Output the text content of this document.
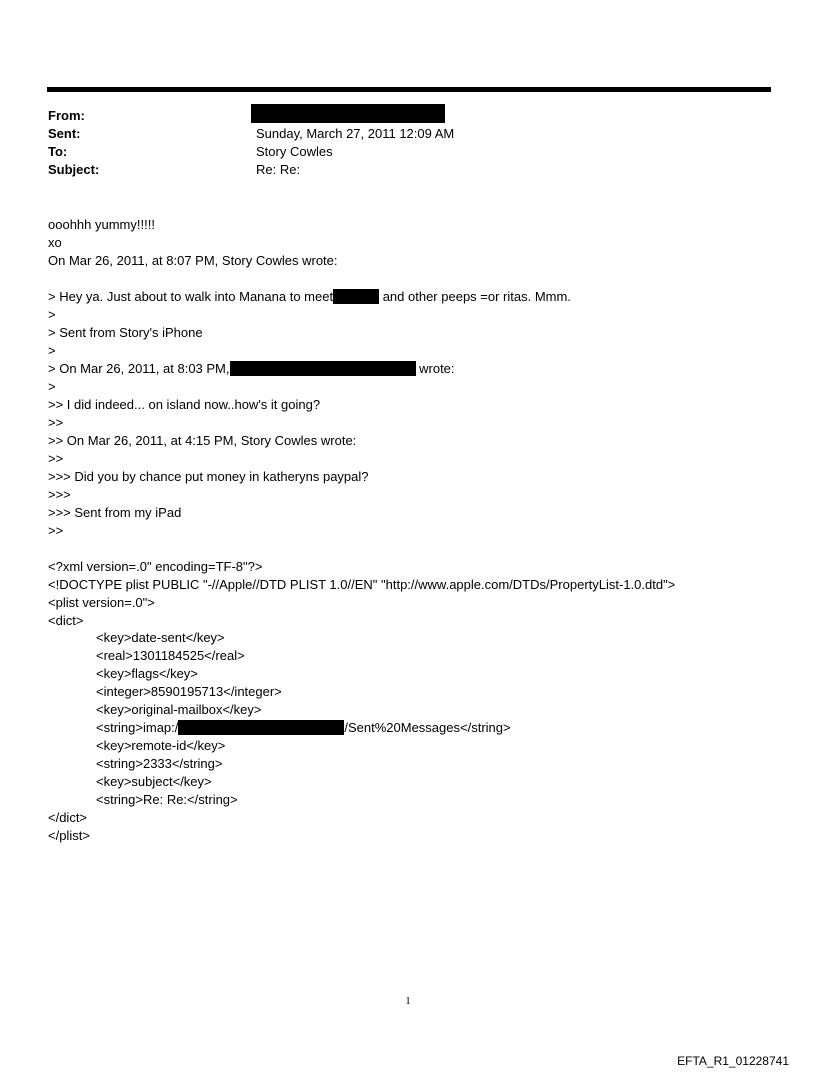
From:
Sent:	Sunday, March 27, 2011 12:09 AM
To:	Story Cowles
Subject:	Re: Re:
ooohhh yummy!!!!!
xo
On Mar 26, 2011, at 8:07 PM, Story Cowles wrote:
> Hey ya. Just about to walk into Manana to meet	and other peeps =or ritas. Mmm.
>
> Sent from Story's iPhone
>
> On Mar 26, 2011, at 8:03 PM,	wrote:
>
>> I did indeed... on island now..how's it going?
>>
>> On Mar 26, 2011, at 4:15 PM, Story Cowles wrote:
>>
>>> Did you by chance put money in katheryns paypal?
>>>
>>> Sent from my iPad
>>
<?xml version=.0" encoding=TF-8"?>
<!DOCTYPE plist PUBLIC "-//Apple//DTD PLIST 1.0//EN" "http://www.apple.com/DTDs/PropertyList-1.0.dtd">
<plist version=.0">
<dict>
<key>date-sent</key>
<real>1301184525</real>
<key>flags</key>
<integer>8590195713</integer>
<key>original-mailbox</key>
<string>imap:/	/Sent%20Messages</string>
<key>remote-id</key>
<string>2333</string>
<key>subject</key>
<string>Re: Re:</string>
</dict>
</plist>
1
EFTA_R1_01228741
